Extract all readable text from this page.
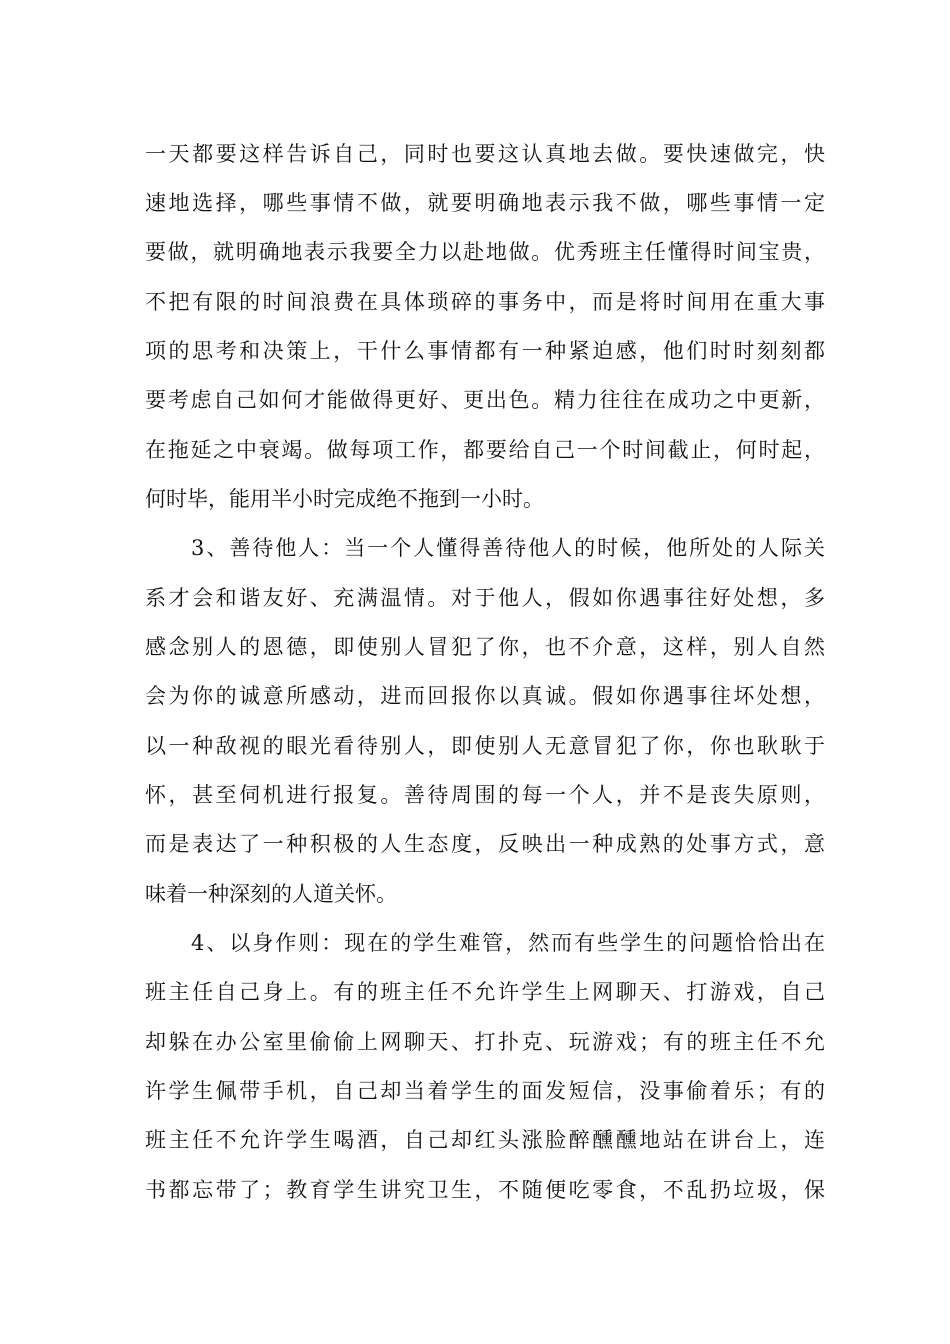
一天都要这样告诉自己，同时也要这认真地去做。要快速做完，快
速地选择，哪些事情不做，就要明确地表示我不做，哪些事情一定
要做，就明确地表示我要全力以赴地做。优秀班主任懂得时间宝贵，
不把有限的时间浪费在具体琐碎的事务中，而是将时间用在重大事
项的思考和决策上，干什么事情都有一种紧迫感，他们时时刻刻都
要考虑自己如何才能做得更好、更出色。精力往往在成功之中更新，
在拖延之中衰竭。做每项工作，都要给自己一个时间截止，何时起，
何时毕，能用半小时完成绝不拖到一小时。
3、善待他人：当一个人懂得善待他人的时候，他所处的人际关
系才会和谐友好、充满温情。对于他人，假如你遇事往好处想，多
感念别人的恩德，即使别人冒犯了你，也不介意，这样，别人自然
会为你的诚意所感动，进而回报你以真诚。假如你遇事往坏处想，
以一种敌视的眼光看待别人，即使别人无意冒犯了你，你也耿耿于
怀，甚至伺机进行报复。善待周围的每一个人，并不是丧失原则，
而是表达了一种积极的人生态度，反映出一种成熟的处事方式，意
味着一种深刻的人道关怀。
4、以身作则：现在的学生难管，然而有些学生的问题恰恰出在
班主任自己身上。有的班主任不允许学生上网聊天、打游戏，自己
却躲在办公室里偷偷上网聊天、打扑克、玩游戏；有的班主任不允
许学生佩带手机，自己却当着学生的面发短信，没事偷着乐；有的
班主任不允许学生喝酒，自己却红头涨脸醉醺醺地站在讲台上，连
书都忘带了；教育学生讲究卫生，不随便吃零食，不乱扔垃圾，保
